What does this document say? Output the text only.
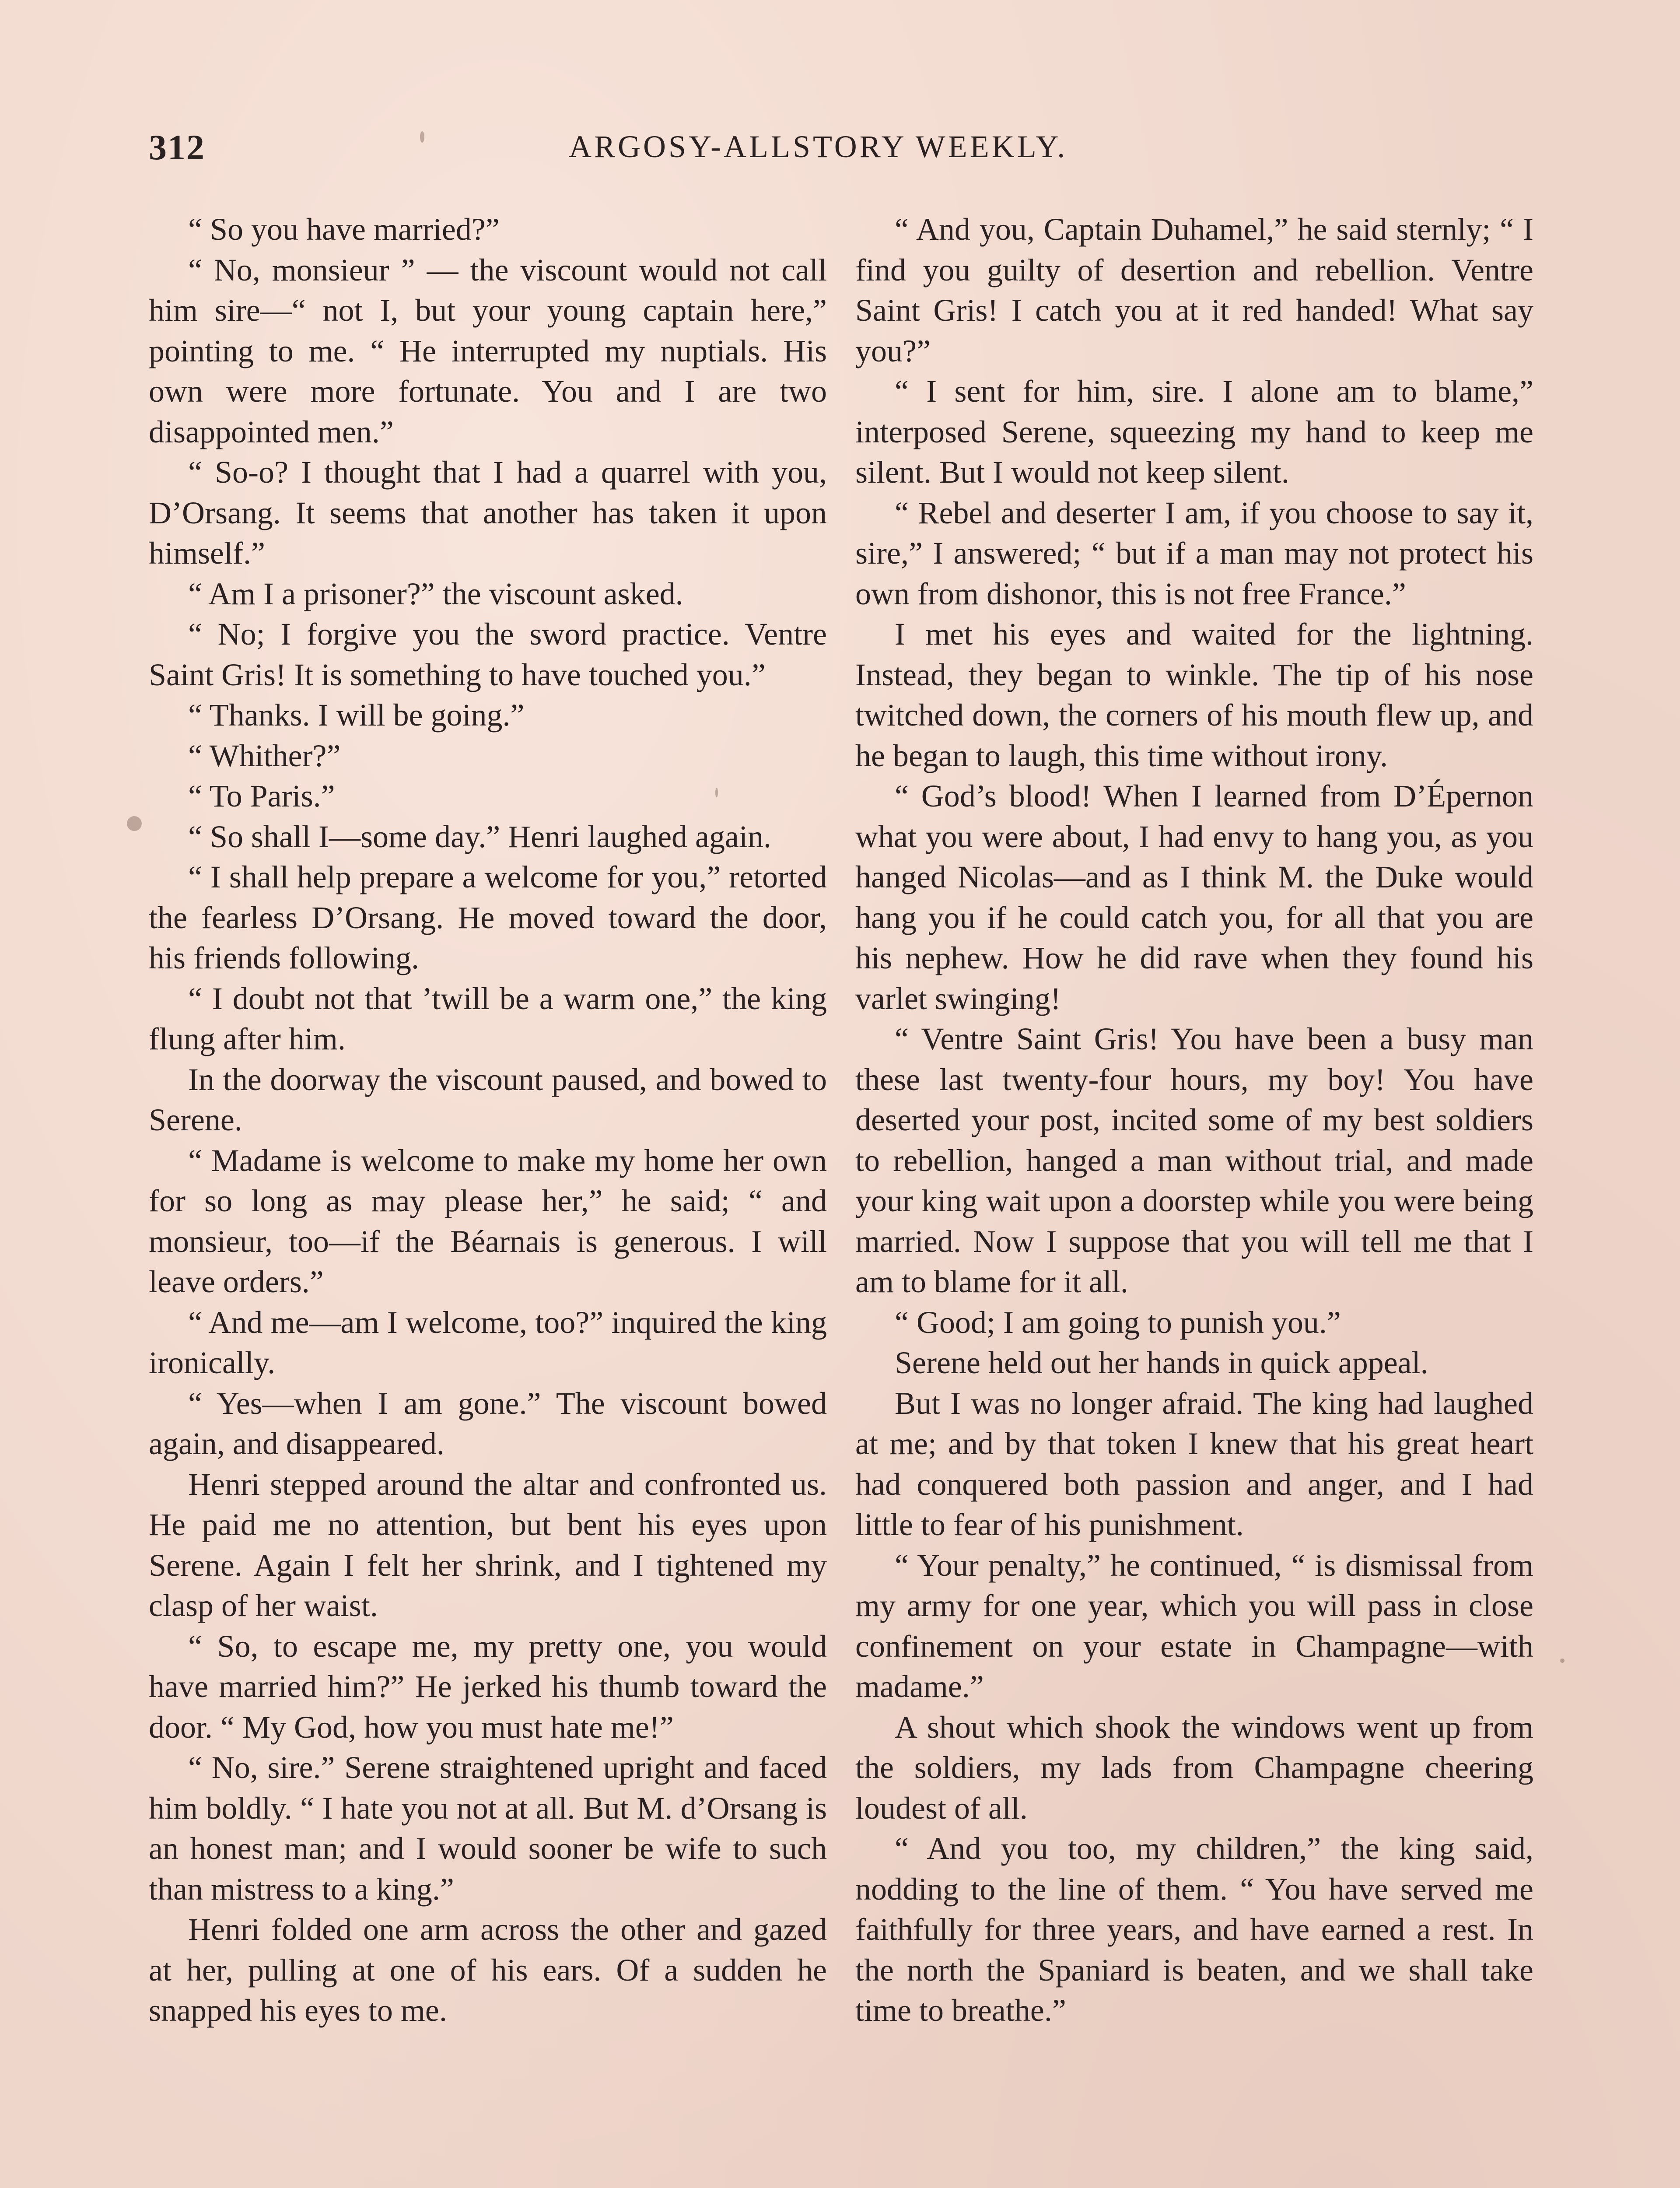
312	ARGOSY-ALLSTORY WEEKLY.

“ So you have married?”

“ No, monsieur ” — the viscount would not call him sire—“ not I, but your young captain here,” pointing to me. “ He interrupted my nuptials. His own were more fortunate. You and I are two disappointed men.”

“ So-o? I thought that I had a quarrel with you, D’Orsang. It seems that another has taken it upon himself.”

“ Am I a prisoner?” the viscount asked.

“ No; I forgive you the sword practice. Ventre Saint Gris! It is something to have touched you.”

“ Thanks. I will be going.”

“ Whither?”

“ To Paris.”

“ So shall I—some day.” Henri laughed again.

“ I shall help prepare a welcome for you,” retorted the fearless D’Orsang. He moved toward the door, his friends following.

“ I doubt not that ’twill be a warm one,” the king flung after him.

In the doorway the viscount paused, and bowed to Serene.

“ Madame is welcome to make my home her own for so long as may please her,” he said; “ and monsieur, too—if the Béarnais is generous. I will leave orders.”

“ And me—am I welcome, too?” inquired the king ironically.

“ Yes—when I am gone.” The viscount bowed again, and disappeared.

Henri stepped around the altar and confronted us. He paid me no attention, but bent his eyes upon Serene. Again I felt her shrink, and I tightened my clasp of her waist.

“ So, to escape me, my pretty one, you would have married him?” He jerked his thumb toward the door. “ My God, how you must hate me!”

“ No, sire.” Serene straightened upright and faced him boldly. “ I hate you not at all. But M. d’Orsang is an honest man; and I would sooner be wife to such than mistress to a king.”

Henri folded one arm across the other and gazed at her, pulling at one of his ears. Of a sudden he snapped his eyes to me.

“ And you, Captain Duhamel,” he said sternly; “ I find you guilty of desertion and rebellion. Ventre Saint Gris! I catch you at it red handed! What say you?”

“ I sent for him, sire. I alone am to blame,” interposed Serene, squeezing my hand to keep me silent. But I would not keep silent.

“ Rebel and deserter I am, if you choose to say it, sire,” I answered; “ but if a man may not protect his own from dishonor, this is not free France.”

I met his eyes and waited for the lightning. Instead, they began to winkle. The tip of his nose twitched down, the corners of his mouth flew up, and he began to laugh, this time without irony.

“ God’s blood! When I learned from D’Épernon what you were about, I had envy to hang you, as you hanged Nicolas—and as I think M. the Duke would hang you if he could catch you, for all that you are his nephew. How he did rave when they found his varlet swinging!

“ Ventre Saint Gris! You have been a busy man these last twenty-four hours, my boy! You have deserted your post, incited some of my best soldiers to rebellion, hanged a man without trial, and made your king wait upon a doorstep while you were being married. Now I suppose that you will tell me that I am to blame for it all.

“ Good; I am going to punish you.”

Serene held out her hands in quick appeal.

But I was no longer afraid. The king had laughed at me; and by that token I knew that his great heart had conquered both passion and anger, and I had little to fear of his punishment.

“ Your penalty,” he continued, “ is dismissal from my army for one year, which you will pass in close confinement on your estate in Champagne—with madame.”

A shout which shook the windows went up from the soldiers, my lads from Champagne cheering loudest of all.

“ And you too, my children,” the king said, nodding to the line of them. “ You have served me faithfully for three years, and have earned a rest. In the north the Spaniard is beaten, and we shall take time to breathe.”
